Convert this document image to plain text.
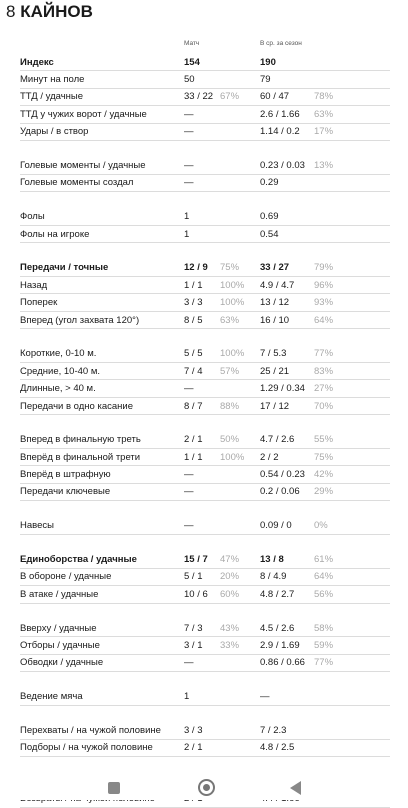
8 КАЙНОВ
Матч	В ср. за сезон
Индекс	154		190	
Минут на поле	50		79	
ТТД / удачные	33 / 22	67%	60 / 47	78%
ТТД у чужих ворот / удачные	—		2.6 / 1.66	63%
Удары / в створ	—		1.14 / 0.2	17%

Голевые моменты / удачные	—		0.23 / 0.03	13%
Голевые моменты создал	—		0.29	

Фолы	1		0.69	
Фолы на игроке	1		0.54	

Передачи / точные	12 / 9	75%	33 / 27	79%
Назад	1 / 1	100%	4.9 / 4.7	96%
Поперек	3 / 3	100%	13 / 12	93%
Вперед (угол захвата 120°)	8 / 5	63%	16 / 10	64%

Короткие, 0-10 м.	5 / 5	100%	7 / 5.3	77%
Средние, 10-40 м.	7 / 4	57%	25 / 21	83%
Длинные, > 40 м.	—		1.29 / 0.34	27%
Передачи в одно касание	8 / 7	88%	17 / 12	70%

Вперед в финальную треть	2 / 1	50%	4.7 / 2.6	55%
Вперёд в финальной трети	1 / 1	100%	2 / 2	75%
Вперёд в штрафную	—		0.54 / 0.23	42%
Передачи ключевые	—		0.2 / 0.06	29%

Навесы	—		0.09 / 0	0%

Единоборства / удачные	15 / 7	47%	13 / 8	61%
В обороне / удачные	5 / 1	20%	8 / 4.9	64%
В атаке / удачные	10 / 6	60%	4.8 / 2.7	56%

Вверху / удачные	7 / 3	43%	4.5 / 2.6	58%
Отборы / удачные	3 / 1	33%	2.9 / 1.69	59%
Обводки / удачные	—		0.86 / 0.66	77%

Ведение мяча	1		—	

Перехваты / на чужой половине	3 / 3		7 / 2.3	
Подборы / на чужой половине	2 / 1		4.8 / 2.5	
